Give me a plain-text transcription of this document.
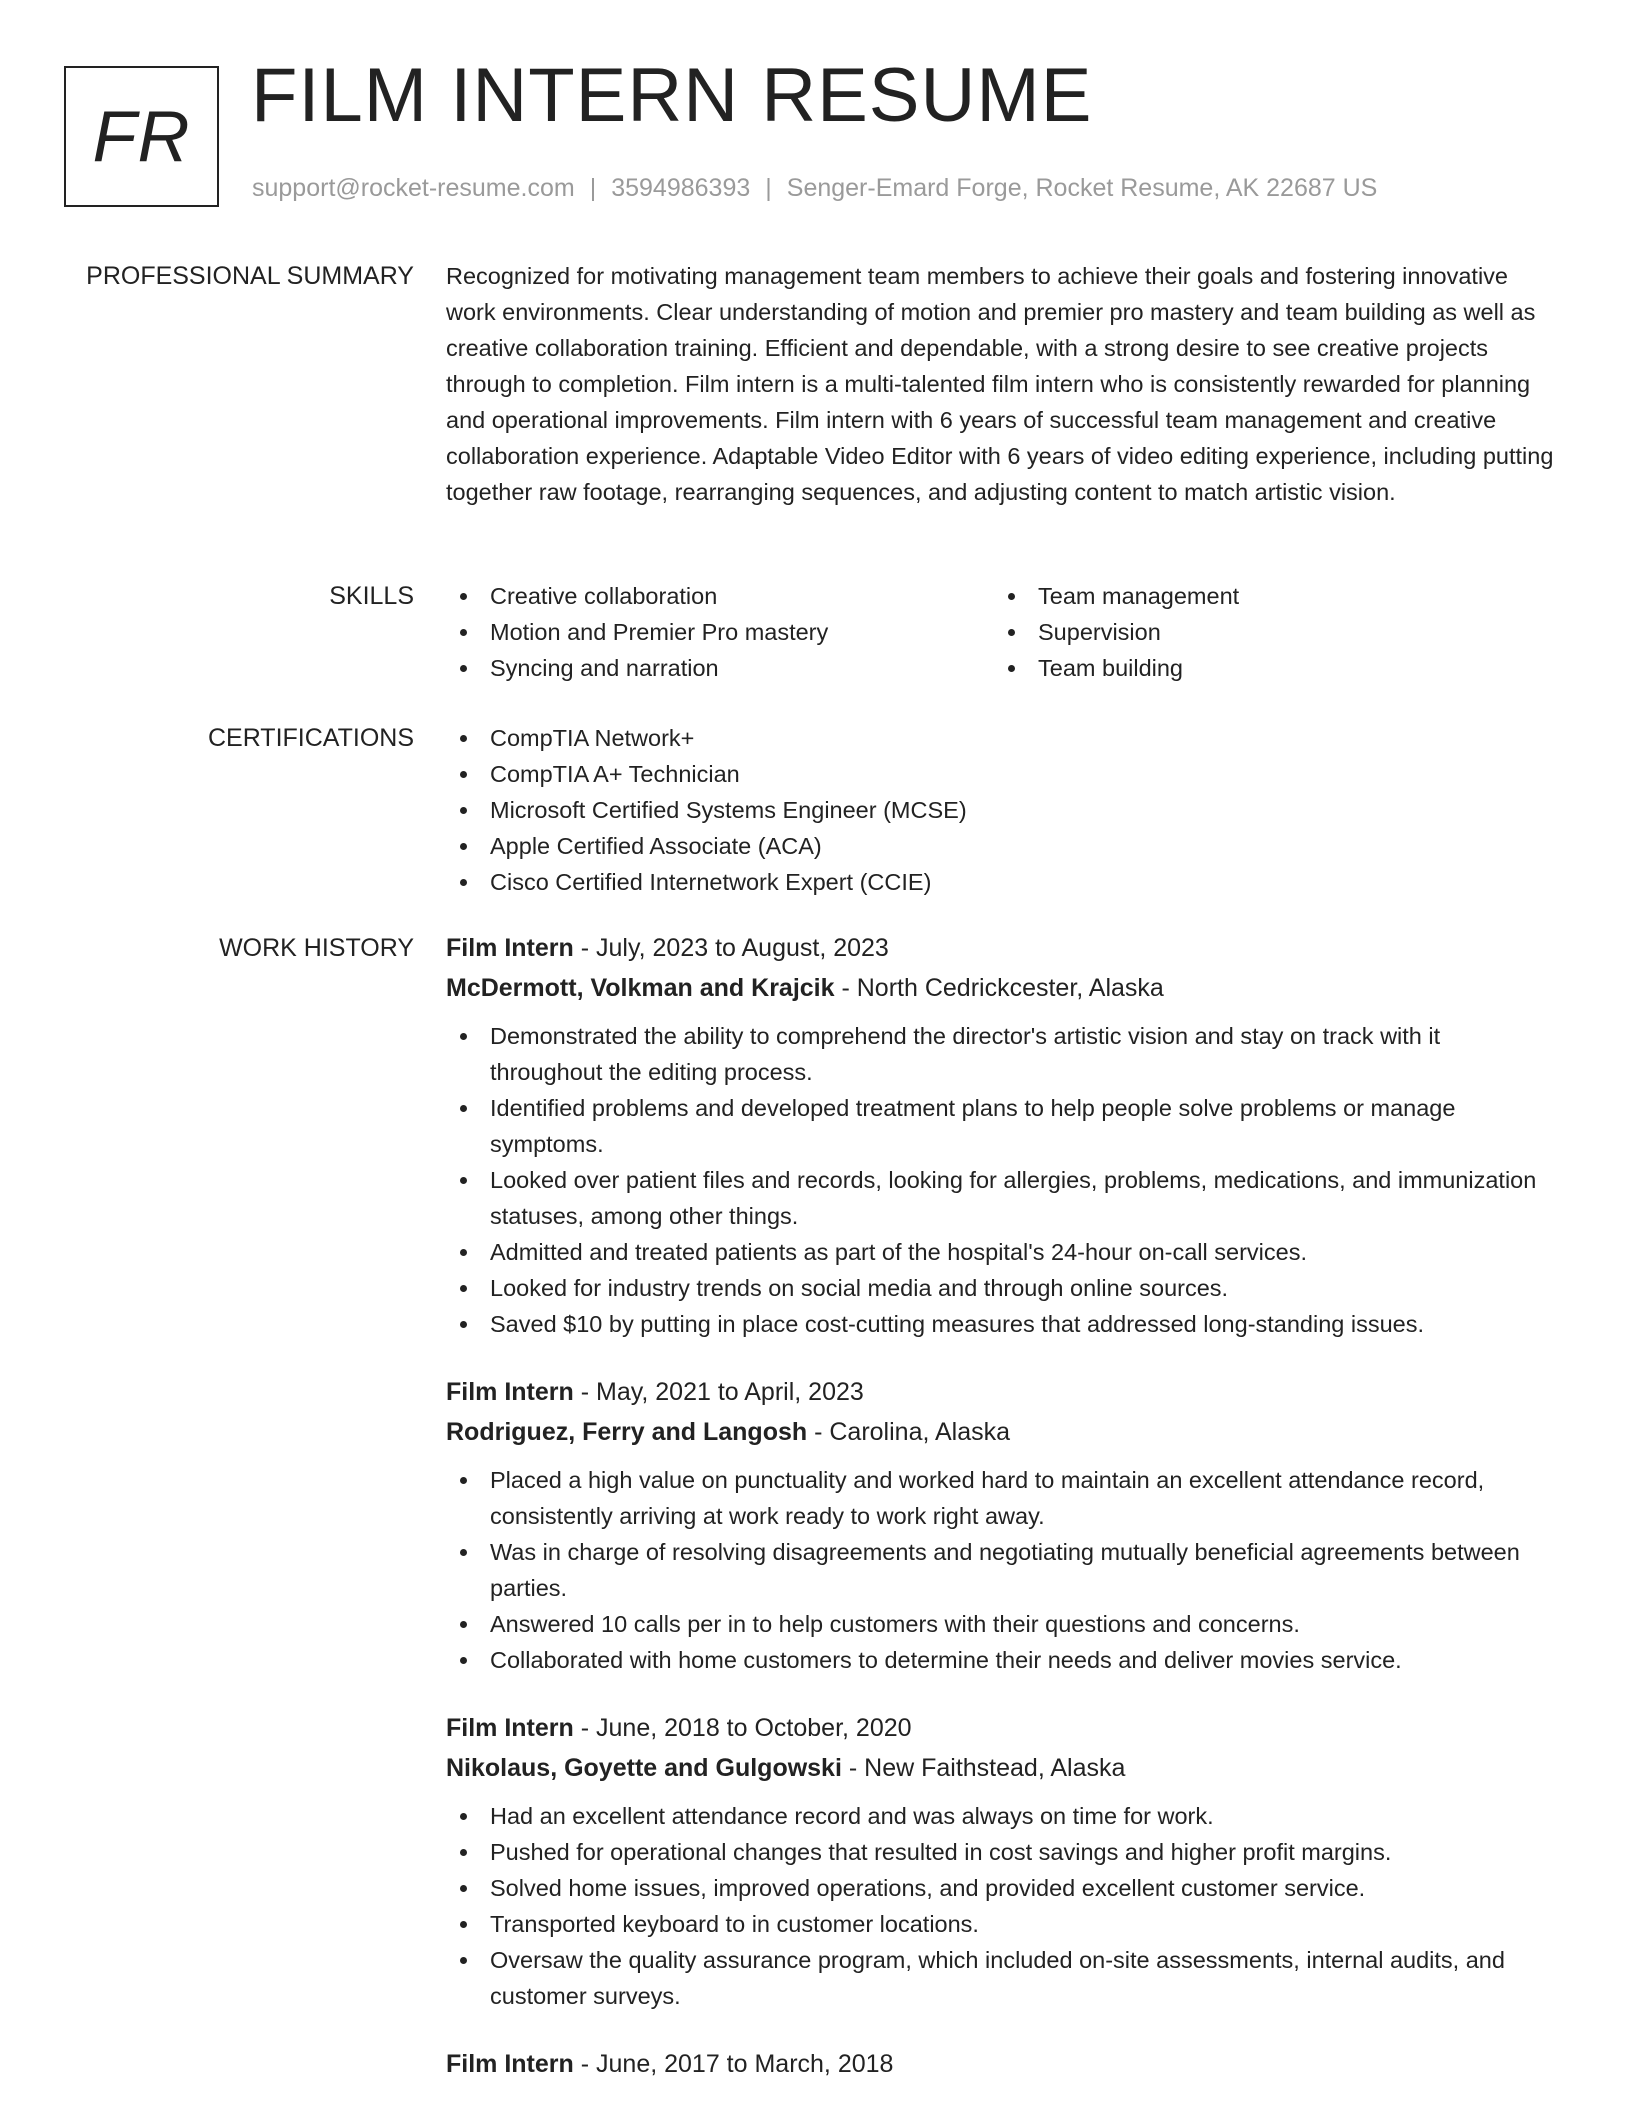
FR FILM INTERN RESUME
support@rocket-resume.com | 3594986393 | Senger-Emard Forge, Rocket Resume, AK 22687 US
PROFESSIONAL SUMMARY Recognized for motivating management team members to achieve their goals and fostering innovative work environments. Clear understanding of motion and premier pro mastery and team building as well as creative collaboration training. Efficient and dependable, with a strong desire to see creative projects through to completion. Film intern is a multi-talented film intern who is consistently rewarded for planning and operational improvements. Film intern with 6 years of successful team management and creative collaboration experience. Adaptable Video Editor with 6 years of video editing experience, including putting together raw footage, rearranging sequences, and adjusting content to match artistic vision.

SKILLS	Creative collaboration
Motion and Premier Pro mastery
Syncing and narration
Team management
Supervision
Team building
CERTIFICATIONS	CompTIA Network+
CompTIA A+ Technician
Microsoft Certified Systems Engineer (MCSE)
Apple Certified Associate (ACA)
Cisco Certified Internetwork Expert (CCIE)
WORK HISTORY Film Intern - July, 2023 to August, 2023
McDermott, Volkman and Krajcik - North Cedrickcester, Alaska
Demonstrated the ability to comprehend the director's artistic vision and stay on track with it throughout the editing process.
Identified problems and developed treatment plans to help people solve problems or manage symptoms.
Looked over patient files and records, looking for allergies, problems, medications, and immunization statuses, among other things.
Admitted and treated patients as part of the hospital's 24-hour on-call services.
Looked for industry trends on social media and through online sources.
Saved $10 by putting in place cost-cutting measures that addressed long-standing issues.
Film Intern - May, 2021 to April, 2023
Rodriguez, Ferry and Langosh - Carolina, Alaska
Placed a high value on punctuality and worked hard to maintain an excellent attendance record, consistently arriving at work ready to work right away.
Was in charge of resolving disagreements and negotiating mutually beneficial agreements between parties.
Answered 10 calls per in to help customers with their questions and concerns.
Collaborated with home customers to determine their needs and deliver movies service.
Film Intern - June, 2018 to October, 2020
Nikolaus, Goyette and Gulgowski - New Faithstead, Alaska
Had an excellent attendance record and was always on time for work.
Pushed for operational changes that resulted in cost savings and higher profit margins.
Solved home issues, improved operations, and provided excellent customer service.
Transported keyboard to in customer locations.
Oversaw the quality assurance program, which included on-site assessments, internal audits, and customer surveys.
Film Intern - June, 2017 to March, 2018
